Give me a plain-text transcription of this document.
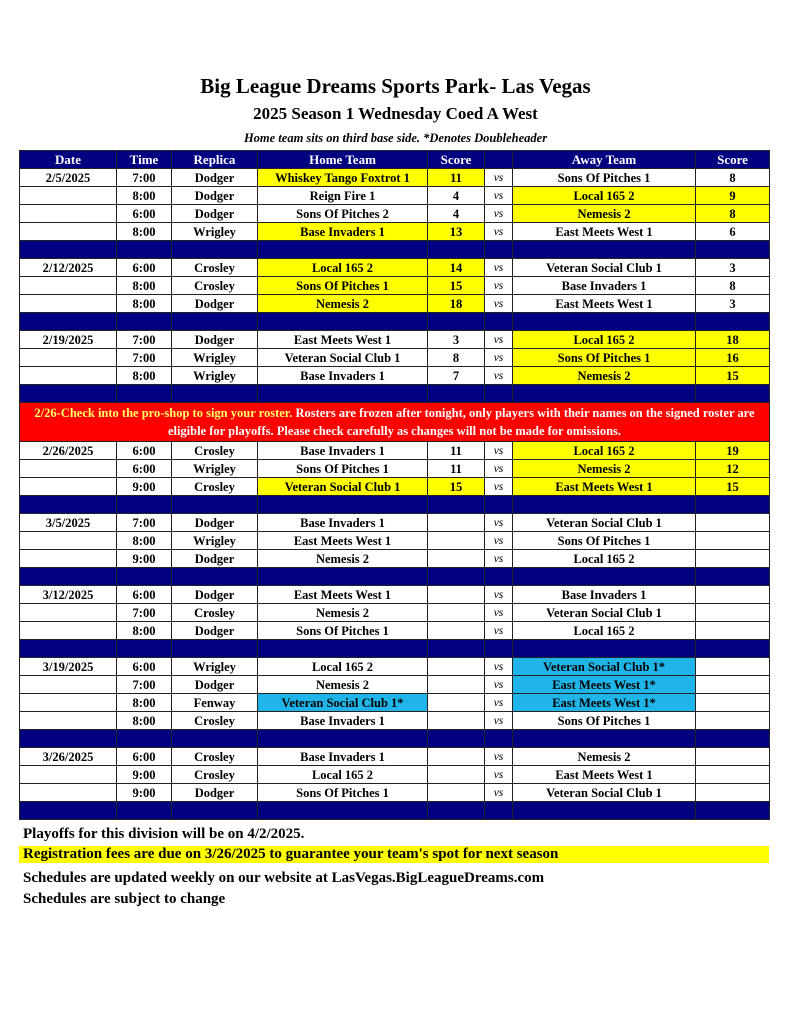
Big League Dreams Sports Park- Las Vegas
2025 Season 1 Wednesday Coed A West
Home team sits on third base side. *Denotes Doubleheader
Date	Time	Replica	Home Team	Score		Away Team	Score
2/5/2025	7:00	Dodger	Whiskey Tango Foxtrot 1	11	vs	Sons Of Pitches 1	8
	8:00	Dodger	Reign Fire 1	4	vs	Local 165 2	9
	6:00	Dodger	Sons Of Pitches 2	4	vs	Nemesis 2	8
	8:00	Wrigley	Base Invaders 1	13	vs	East Meets West 1	6

2/12/2025	6:00	Crosley	Local 165 2	14	vs	Veteran Social Club 1	3
	8:00	Crosley	Sons Of Pitches 1	15	vs	Base Invaders 1	8
	8:00	Dodger	Nemesis 2	18	vs	East Meets West 1	3

2/19/2025	7:00	Dodger	East Meets West 1	3	vs	Local 165 2	18
	7:00	Wrigley	Veteran Social Club 1	8	vs	Sons Of Pitches 1	16
	8:00	Wrigley	Base Invaders 1	7	vs	Nemesis 2	15

2/26-Check into the pro-shop to sign your roster. Rosters are frozen after tonight, only players with their names on the signed roster are eligible for playoffs. Please check carefully as changes will not be made for omissions.							
2/26/2025	6:00	Crosley	Base Invaders 1	11	vs	Local 165 2	19
	6:00	Wrigley	Sons Of Pitches 1	11	vs	Nemesis 2	12
	9:00	Crosley	Veteran Social Club 1	15	vs	East Meets West 1	15

3/5/2025	7:00	Dodger	Base Invaders 1		vs	Veteran Social Club 1	
	8:00	Wrigley	East Meets West 1		vs	Sons Of Pitches 1	
	9:00	Dodger	Nemesis 2		vs	Local 165 2	

3/12/2025	6:00	Dodger	East Meets West 1		vs	Base Invaders 1	
	7:00	Crosley	Nemesis 2		vs	Veteran Social Club 1	
	8:00	Dodger	Sons Of Pitches 1		vs	Local 165 2	

3/19/2025	6:00	Wrigley	Local 165 2		vs	Veteran Social Club 1*	
	7:00	Dodger	Nemesis 2		vs	East Meets West 1*	
	8:00	Fenway	Veteran Social Club 1*		vs	East Meets West 1*	
	8:00	Crosley	Base Invaders 1		vs	Sons Of Pitches 1	

3/26/2025	6:00	Crosley	Base Invaders 1		vs	Nemesis 2	
	9:00	Crosley	Local 165 2		vs	East Meets West 1	
	9:00	Dodger	Sons Of Pitches 1		vs	Veteran Social Club 1	

Playoffs for this division will be on 4/2/2025.
Registration fees are due on 3/26/2025 to guarantee your team's spot for next season
Schedules are updated weekly on our website at LasVegas.BigLeagueDreams.com
Schedules are subject to change
